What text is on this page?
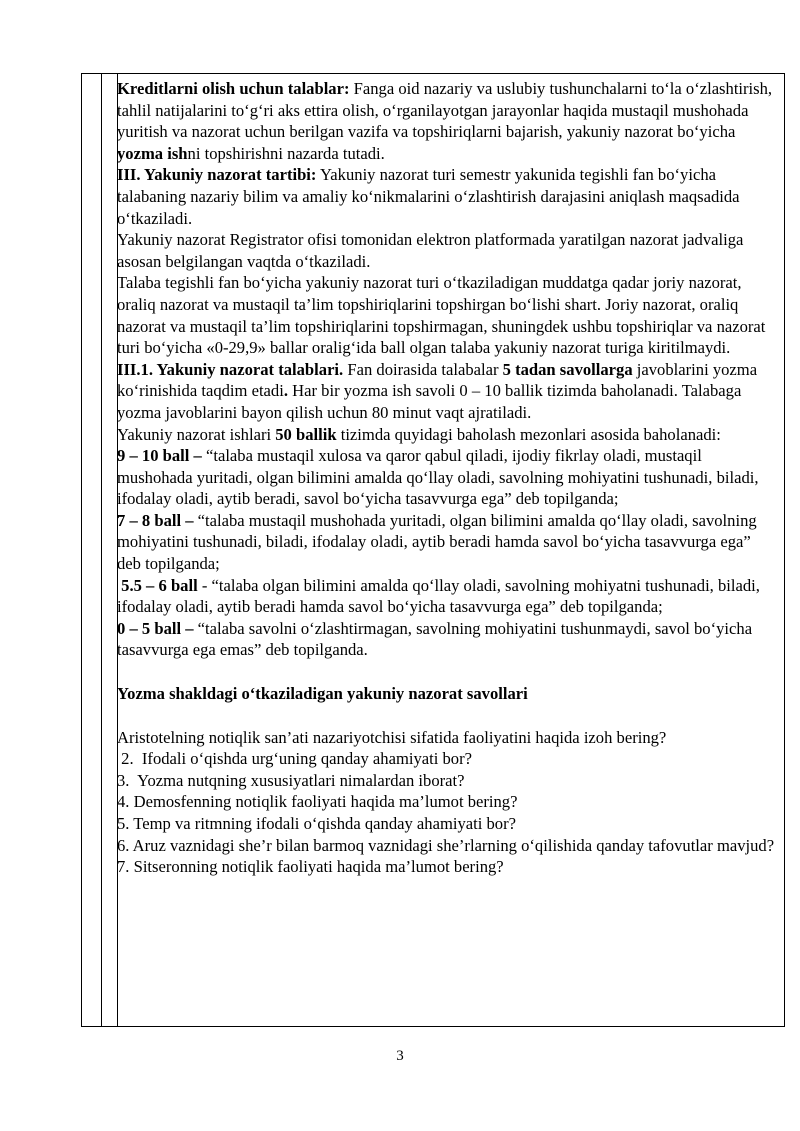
Kreditlarni olish uchun talablar: Fanga oid nazariy va uslubiy tushunchalarni to‘la o‘zlashtirish, tahlil natijalarini to‘g‘ri aks ettira olish, o‘rganilayotgan jarayonlar haqida mustaqil mushohada yuritish va nazorat uchun berilgan vazifa va topshiriqlarni bajarish, yakuniy nazorat bo‘yicha yozma ishni topshirishni nazarda tutadi.

III. Yakuniy nazorat tartibi: Yakuniy nazorat turi semestr yakunida tegishli fan bo‘yicha talabaning nazariy bilim va amaliy ko‘nikmalarini o‘zlashtirish darajasini aniqlash maqsadida o‘tkaziladi.

Yakuniy nazorat Registrator ofisi tomonidan elektron platformada yaratilgan nazorat jadvaliga asosan belgilangan vaqtda o‘tkaziladi.

Talaba tegishli fan bo‘yicha yakuniy nazorat turi o‘tkaziladigan muddatga qadar joriy nazorat, oraliq nazorat va mustaqil ta’lim topshiriqlarini topshirgan bo‘lishi shart. Joriy nazorat, oraliq nazorat va mustaqil ta’lim topshiriqlarini topshirmagan, shuningdek ushbu topshiriqlar va nazorat turi bo‘yicha «0-29,9» ballar oralig‘ida ball olgan talaba yakuniy nazorat turiga kiritilmaydi.

III.1. Yakuniy nazorat talablari. Fan doirasida talabalar 5 tadan savollarga javoblarini yozma ko‘rinishida taqdim etadi. Har bir yozma ish savoli 0 – 10 ballik tizimda baholanadi. Talabaga yozma javoblarini bayon qilish uchun 80 minut vaqt ajratiladi.

Yakuniy nazorat ishlari 50 ballik tizimda quyidagi baholash mezonlari asosida baholanadi:

9 – 10 ball – “talaba mustaqil xulosa va qaror qabul qiladi, ijodiy fikrlay oladi, mustaqil mushohada yuritadi, olgan bilimini amalda qo‘llay oladi, savolning mohiyatini tushunadi, biladi, ifodalay oladi, aytib beradi, savol bo‘yicha tasavvurga ega” deb topilganda;

7 – 8 ball – “talaba mustaqil mushohada yuritadi, olgan bilimini amalda qo‘llay oladi, savolning mohiyatini tushunadi, biladi, ifodalay oladi, aytib beradi hamda savol bo‘yicha tasavvurga ega” deb topilganda;

5.5 – 6 ball - “talaba olgan bilimini amalda qo‘llay oladi, savolning mohiyatni tushunadi, biladi, ifodalay oladi, aytib beradi hamda savol bo‘yicha tasavvurga ega” deb topilganda;

0 – 5 ball – “talaba savolni o‘zlashtirmagan, savolning mohiyatini tushunmaydi, savol bo‘yicha tasavvurga ega emas” deb topilganda.

Yozma shakldagi o‘tkaziladigan yakuniy nazorat savollari

Aristotelning notiqlik san’ati nazariyotchisi sifatida faoliyatini haqida izoh bering?

2.  Ifodali o‘qishda urg‘uning qanday ahamiyati bor?

3.  Yozma nutqning xususiyatlari nimalardan iborat?

4. Demosfenning notiqlik faoliyati haqida ma’lumot bering?

5. Temp va ritmning ifodali o‘qishda qanday ahamiyati bor?

6. Aruz vaznidagi she’r bilan barmoq vaznidagi she’rlarning o‘qilishida qanday tafovutlar mavjud?

7. Sitseronning notiqlik faoliyati haqida ma’lumot bering?

3
